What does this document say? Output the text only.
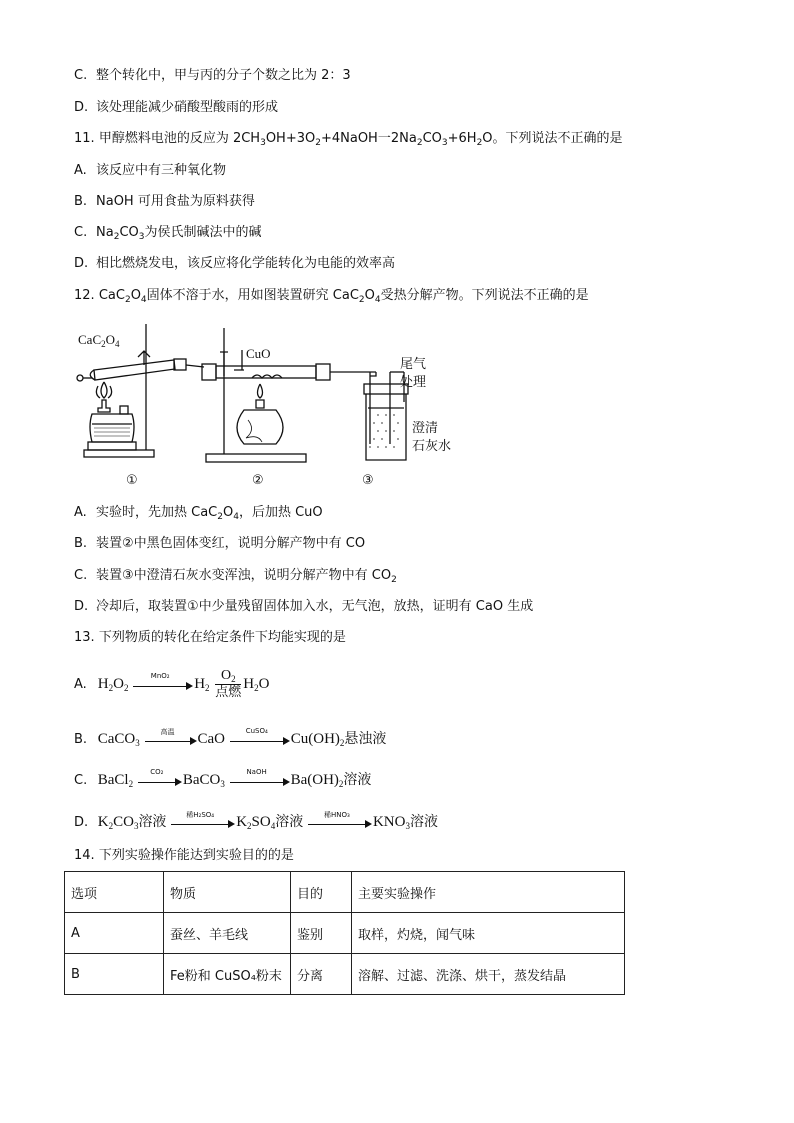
C. 整个转化中，甲与丙的分子个数之比为 2：3
D. 该处理能减少硝酸型酸雨的形成
11. 甲醇燃料电池的反应为 $2CH_3OH+3O_2+4NaOH$一$2Na_2CO_3+6H_2O$。下列说法不正确的是
A. 该反应中有三种氧化物
B. NaOH 可用食盐为原料获得
C. $Na_2CO_3$为侯氏制碱法中的碱
D. 相比燃烧发电，该反应将化学能转化为电能的效率高
12. $CaC_2O_4$固体不溶于水，用如图装置研究 $CaC_2O_4$受热分解产物。下列说法不正确的是
$CaC_2O_4$
CuO
尾气
处理
澄清
石灰水
①	②	③
A. 实验时，先加热 $CaC_2O_4$，后加热 CuO
B. 装置②中黑色固体变红，说明分解产物中有 CO
C. 装置③中澄清石灰水变浑浊，说明分解产物中有 $CO_2$
D. 冷却后，取装置①中少量残留固体加入水，无气泡，放热，证明有 CaO 生成
13. 下列物质的转化在给定条件下均能实现的是
A. $H_2O_2$
MnO₂
$H_2 \frac{O_2}{\text{点燃}} H_2O$
B. CaCO$_3$
高温	CaO
CuSO₄
$Cu(OH)_2$悬浊液
C. BaCl$_2$
CO₂
BaCO$_3$
NaOH
$Ba(OH)_2$溶液
D. $K_2CO_3$溶液	稀H₂SO₄	$K_2SO_4$溶液	稀HNO₃	$KNO_3$溶液
14. 下列实验操作能达到实验目的的是
选项	物质	目的	主要实验操作
A	蚕丝、羊毛线	鉴别	取样，灼烧，闻气味
B	Fe粉和 CuSO₄粉末	分离	溶解、过滤、洗涤、烘干，蒸发结晶
